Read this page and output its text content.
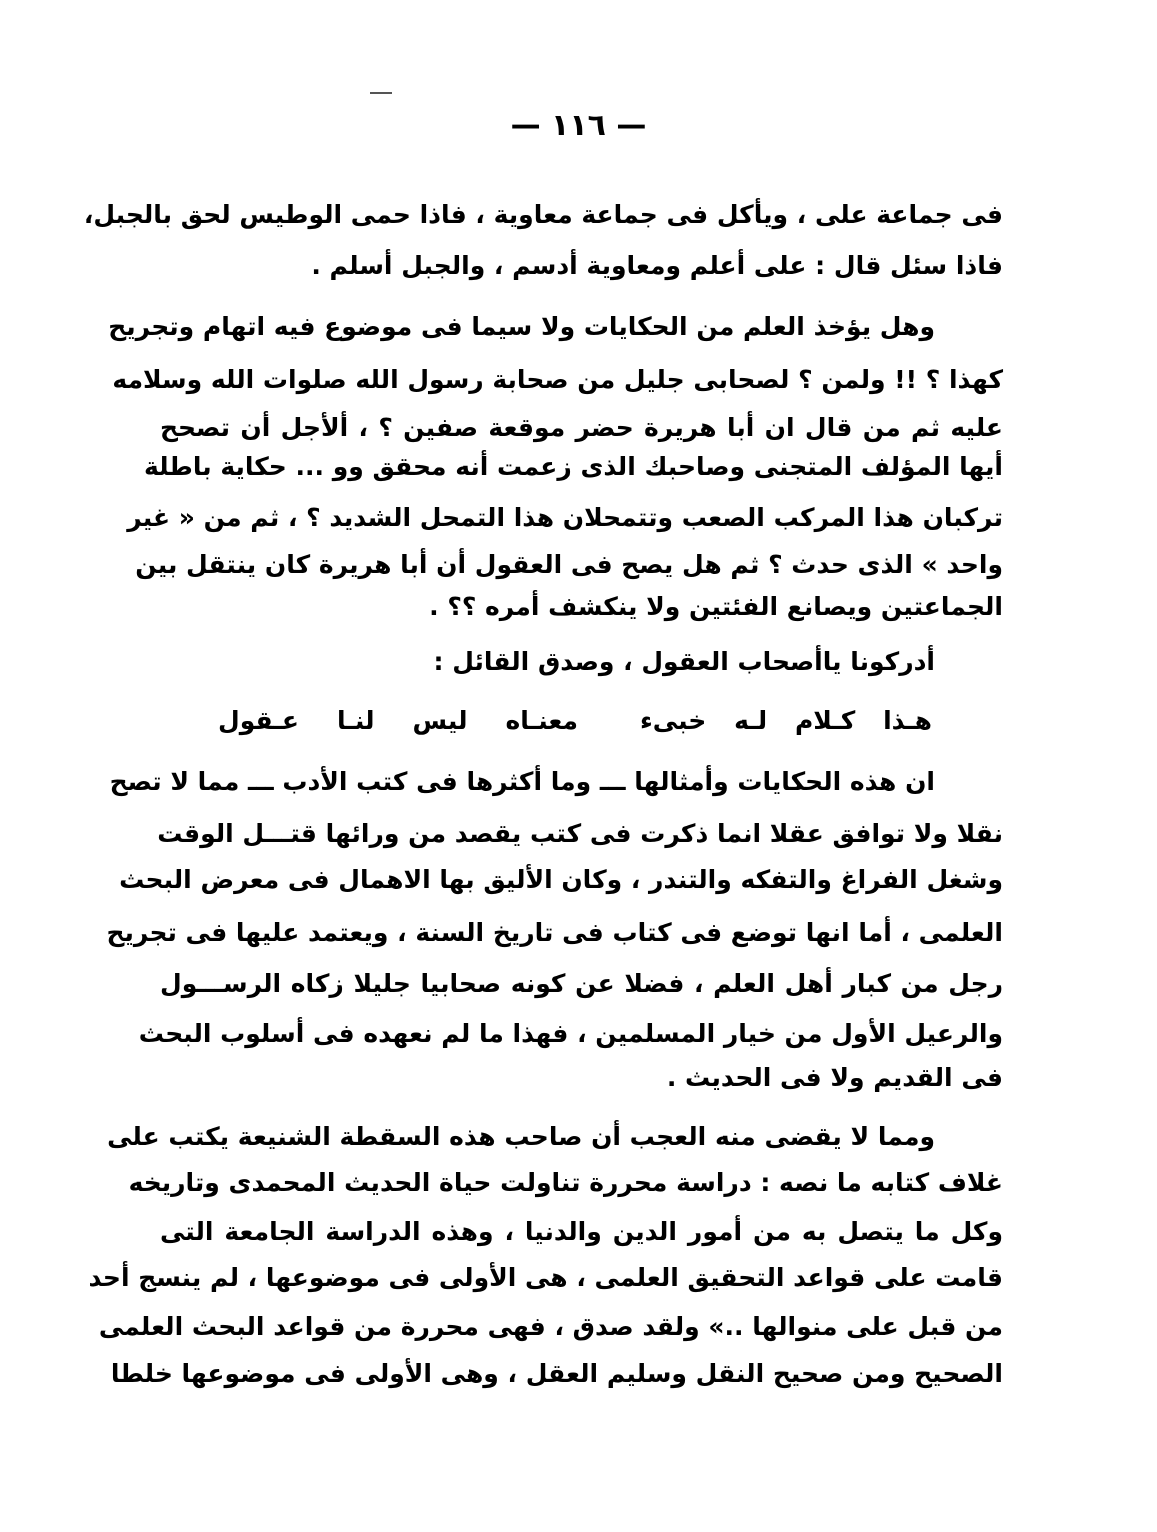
— ١١٦ —
فى جماعة على ، ويأكل فى جماعة معاوية ، فاذا حمى الوطيس لحق بالجبل،
فاذا سئل قال : على أعلم ومعاوية أدسم ، والجبل أسلم .
وهل يؤخذ العلم من الحكايات ولا سيما فى موضوع فيه اتهام وتجريح
كهذا ؟ !! ولمن ؟ لصحابى جليل من صحابة رسول الله صلوات الله وسلامه
عليه ثم من قال ان أبا هريرة حضر موقعة صفين ؟ ، ألأجل أن تصحح
أيها المؤلف المتجنى وصاحبك الذى زعمت أنه محقق وو ... حكاية باطلة
تركبان هذا المركب الصعب وتتمحلان هذا التمحل الشديد ؟ ، ثم من « غير
واحد » الذى حدث ؟ ثم هل يصح فى العقول أن أبا هريرة كان ينتقل بين
الجماعتين ويصانع الفئتين ولا ينكشف أمره ؟؟ .
أدركونا ياأصحاب العقول ، وصدق القائل :
هـذا كـلام لـه خبىء
معنـاه ليس لنـا عـقول
ان هذه الحكايات وأمثالها ـــ وما أكثرها فى كتب الأدب ـــ مما لا تصح
نقلا ولا توافق عقلا انما ذكرت فى كتب يقصد من ورائها قتـــل الوقت
وشغل الفراغ والتفكه والتندر ، وكان الأليق بها الاهمال فى معرض البحث
العلمى ، أما انها توضع فى كتاب فى تاريخ السنة ، ويعتمد عليها فى تجريح
رجل من كبار أهل العلم ، فضلا عن كونه صحابيا جليلا زكاه الرســـول
والرعيل الأول من خيار المسلمين ، فهذا ما لم نعهده فى أسلوب البحث
فى القديم ولا فى الحديث .
ومما لا يقضى منه العجب أن صاحب هذه السقطة الشنيعة يكتب على
غلاف كتابه ما نصه : دراسة محررة تناولت حياة الحديث المحمدى وتاريخه
وكل ما يتصل به من أمور الدين والدنيا ، وهذه الدراسة الجامعة التى
قامت على قواعد التحقيق العلمى ، هى الأولى فى موضوعها ، لم ينسج أحد
من قبل على منوالها ..» ولقد صدق ، فهى محررة من قواعد البحث العلمى
الصحيح ومن صحيح النقل وسليم العقل ، وهى الأولى فى موضوعها خلطا
